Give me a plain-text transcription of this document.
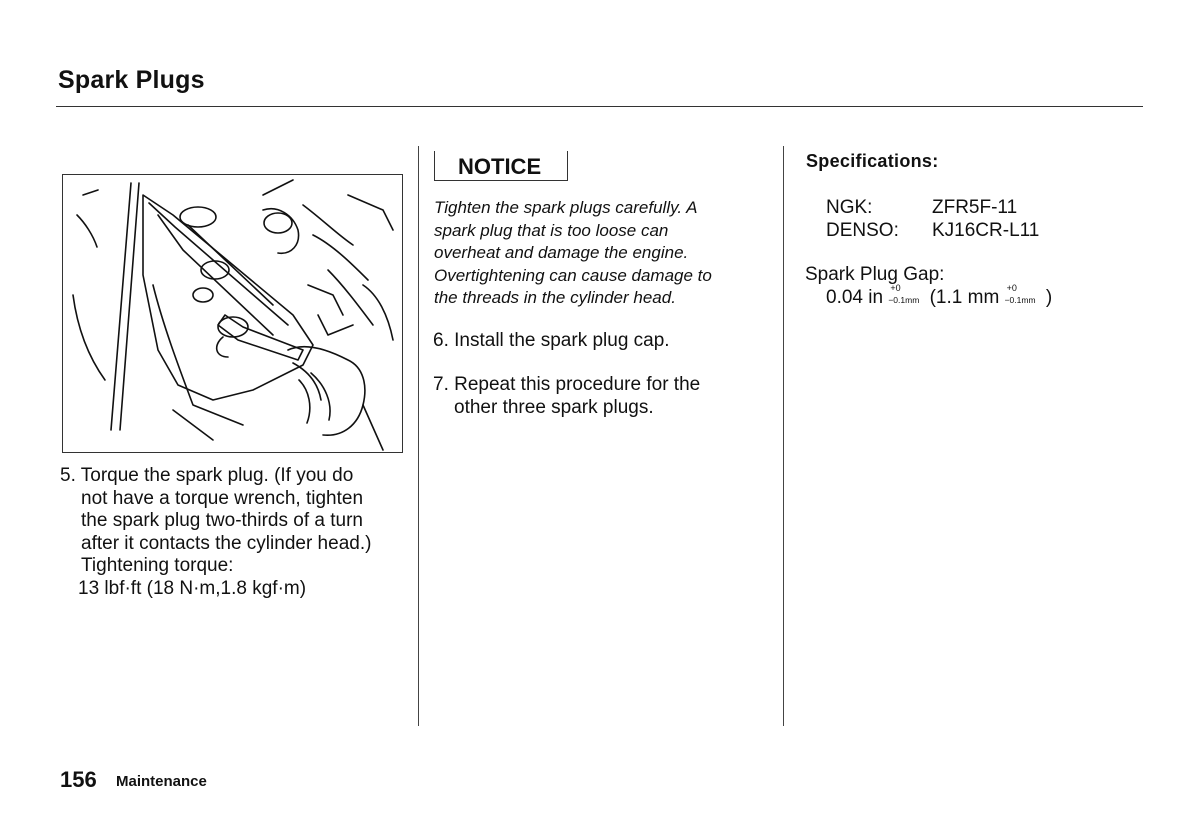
Spark Plugs
5. Torque the spark plug. (If you do
not have a torque wrench, tighten
the spark plug two-thirds of a turn
after it contacts the cylinder head.)
Tightening torque:
13 lbf·ft (18 N·m,1.8 kgf·m)
NOTICE
Tighten the spark plugs carefully. A
spark plug that is too loose can
overheat and damage the engine.
Overtightening can cause damage to
the threads in the cylinder head.
6. Install the spark plug cap.
7. Repeat this procedure for the
other three spark plugs.
Specifications:
NGK:	ZFR5F-11
DENSO: KJ16CR-L11
Spark Plug Gap:
0.04 in +0
−0.1mm (1.1 mm +0
−0.1mm )
156 Maintenance
